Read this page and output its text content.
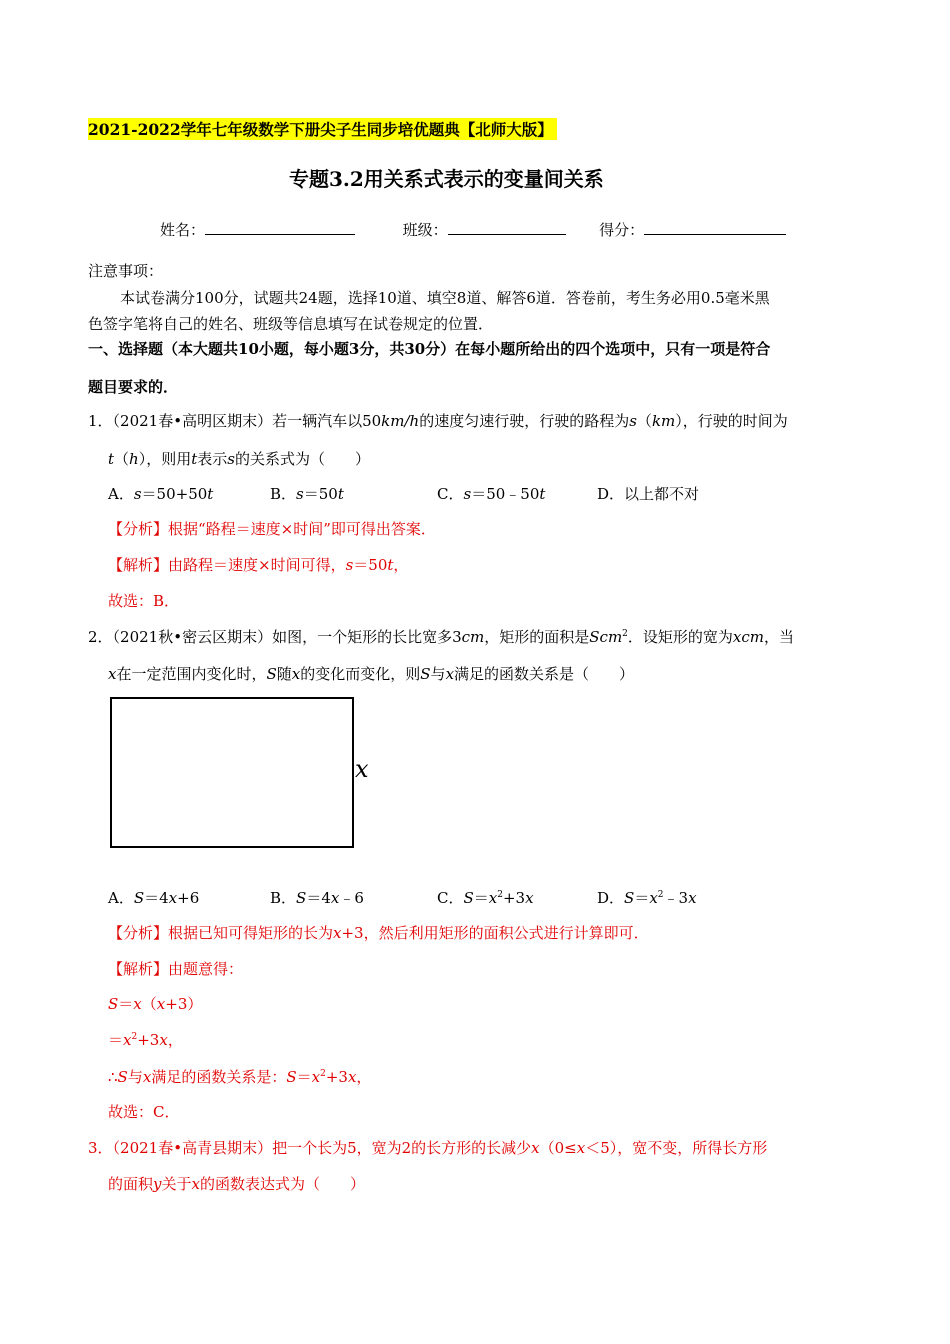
2021-2022学年七年级数学下册尖子生同步培优题典【北师大版】
专题3.2用关系式表示的变量间关系
姓名：	班级：	得分：
注意事项：
本试卷满分100分，试题共24题，选择10道、填空8道、解答6道．答卷前，考生务必用0.5毫米黑
色签字笔将自己的姓名、班级等信息填写在试卷规定的位置．
一、选择题（本大题共10小题，每小题3分，共30分）在每小题所给出的四个选项中，只有一项是符合
题目要求的．
1．（2021春•高明区期末）若一辆汽车以50km/h的速度匀速行驶，行驶的路程为s（km），行驶的时间为
t（h），则用t表示s的关系式为（　　）
A．s＝50+50t	B．s＝50t	C．s＝50﹣50t	D．以上都不对
【分析】根据“路程＝速度×时间”即可得出答案．
【解析】由路程＝速度×时间可得，s＝50t，
故选：B．
2．（2021秋•密云区期末）如图，一个矩形的长比宽多3cm，矩形的面积是Scm$^2$．设矩形的宽为xcm，当
x在一定范围内变化时，S随x的变化而变化，则S与x满足的函数关系是（　　）
x
A．S＝4x+6	B．S＝4x﹣6	C．$S=x^2+3x$	D．$S=x^2﹣3x$
【分析】根据已知可得矩形的长为x+3，然后利用矩形的面积公式进行计算即可．
【解析】由题意得：
S＝x（x+3）
$=x^2+3x$，
∴S与x满足的函数关系是：$S=x^2+3x$，
故选：C．
3．（2021春•高青县期末）把一个长为5，宽为2的长方形的长减少x（0≤x＜5），宽不变，所得长方形
的面积y关于x的函数表达式为（　　）
